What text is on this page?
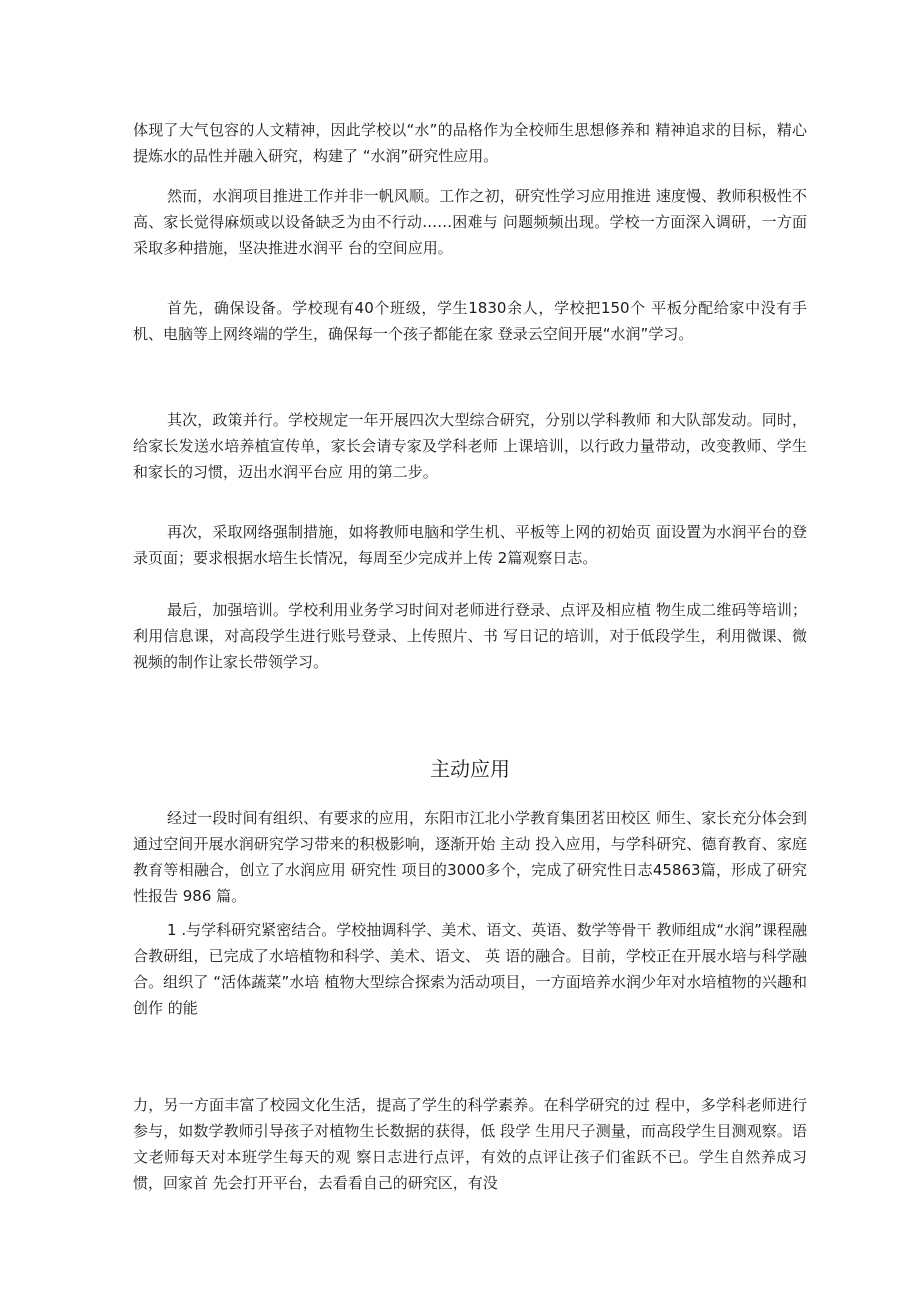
体现了大气包容的人文精神，因此学校以“水”的品格作为全校师生思想修养和 精神追求的目标，精心提炼水的品性并融入研究，构建了 “水润”研究性应用。

然而，水润项目推进工作并非一帆风顺。工作之初，研究性学习应用推进 速度慢、教师积极性不高、家长觉得麻烦或以设备缺乏为由不行动……困难与 问题频频出现。学校一方面深入调研，一方面采取多种措施，坚决推进水润平 台的空间应用。

首先，确保设备。学校现有40个班级，学生1830余人，学校把150个 平板分配给家中没有手机、电脑等上网终端的学生，确保每一个孩子都能在家 登录云空间开展“水润”学习。

其次，政策并行。学校规定一年开展四次大型综合研究，分别以学科教师 和大队部发动。同时，给家长发送水培养植宣传单，家长会请专家及学科老师 上课培训，以行政力量带动，改变教师、学生和家长的习惯，迈出水润平台应 用的第二步。

再次，采取网络强制措施，如将教师电脑和学生机、平板等上网的初始页 面设置为水润平台的登录页面；要求根据水培生长情况，每周至少完成并上传 2篇观察日志。

最后，加强培训。学校利用业务学习时间对老师进行登录、点评及相应植 物生成二维码等培训；利用信息课，对高段学生进行账号登录、上传照片、书 写日记的培训，对于低段学生，利用微课、微视频的制作让家长带领学习。

主动应用

经过一段时间有组织、有要求的应用，东阳市江北小学教育集团茗田校区 师生、家长充分体会到通过空间开展水润研究学习带来的积极影响，逐渐开始 主动 投入应用，与学科研究、德育教育、家庭教育等相融合，创立了水润应用 研究性 项目的3000多个，完成了研究性日志45863篇，形成了研究性报告 986 篇。

1 .与学科研究紧密结合。学校抽调科学、美术、语文、英语、数学等骨干 教师组成“水润”课程融合教研组，已完成了水培植物和科学、美术、语文、 英 语的融合。目前，学校正在开展水培与科学融合。组织了 “活体蔬菜”水培 植物大型综合探索为活动项目，一方面培养水润少年对水培植物的兴趣和创作 的能

力，另一方面丰富了校园文化生活，提高了学生的科学素养。在科学研究的过 程中，多学科老师进行参与，如数学教师引导孩子对植物生长数据的获得，低 段学 生用尺子测量，而高段学生目测观察。语文老师每天对本班学生每天的观 察日志进行点评，有效的点评让孩子们雀跃不已。学生自然养成习惯，回家首 先会打开平台，去看看自己的研究区，有没
